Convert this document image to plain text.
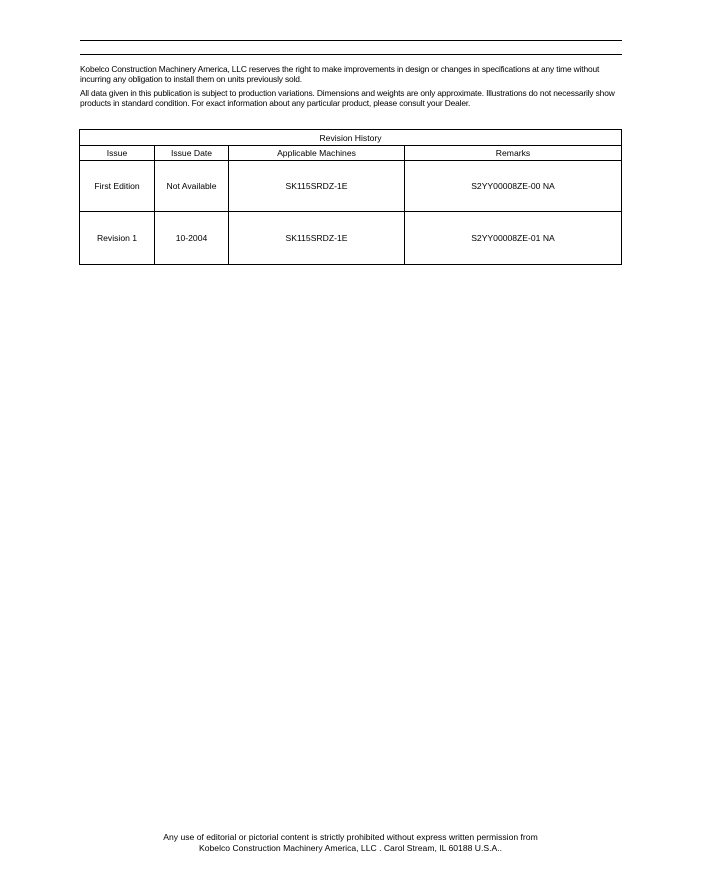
Kobelco Construction Machinery America, LLC reserves the right to make improvements in design or changes in specifications at any time without incurring any obligation to install them on units previously sold.

All data given in this publication is subject to production variations. Dimensions and weights are only approximate. Illustrations do not necessarily show products in standard condition. For exact information about any particular product, please consult your Dealer.

Revision History			
Issue	Issue Date	Applicable Machines	Remarks
First Edition	Not Available	SK115SRDZ-1E	S2YY00008ZE-00 NA
Revision 1	10-2004	SK115SRDZ-1E	S2YY00008ZE-01 NA
Any use of editorial or pictorial content is strictly prohibited without express written permission from
Kobelco Construction Machinery America, LLC . Carol Stream, IL 60188 U.S.A..
